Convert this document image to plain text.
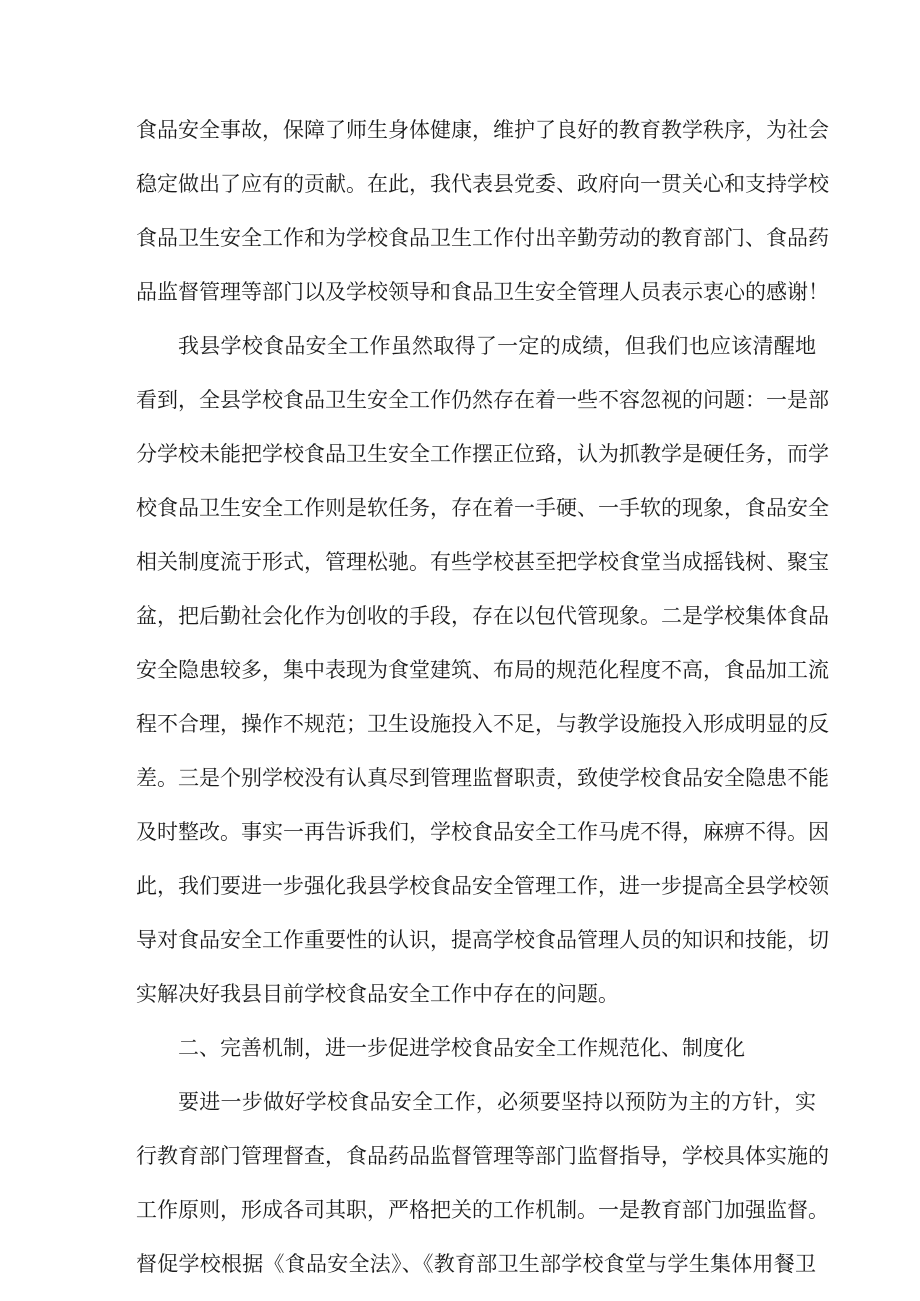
食品安全事故，保障了师生身体健康，维护了良好的教育教学秩序，为社会

稳定做出了应有的贡献。在此，我代表县党委、政府向一贯关心和支持学校

食品卫生安全工作和为学校食品卫生工作付出辛勤劳动的教育部门、食品药

品监督管理等部门以及学校领导和食品卫生安全管理人员表示衷心的感谢！

我县学校食品安全工作虽然取得了一定的成绩，但我们也应该清醒地

看到，全县学校食品卫生安全工作仍然存在着一些不容忽视的问题：一是部

分学校未能把学校食品卫生安全工作摆正位臵，认为抓教学是硬任务，而学

校食品卫生安全工作则是软任务，存在着一手硬、一手软的现象，食品安全

相关制度流于形式，管理松驰。有些学校甚至把学校食堂当成摇钱树、聚宝

盆，把后勤社会化作为创收的手段，存在以包代管现象。二是学校集体食品

安全隐患较多，集中表现为食堂建筑、布局的规范化程度不高，食品加工流

程不合理，操作不规范；卫生设施投入不足，与教学设施投入形成明显的反

差。三是个别学校没有认真尽到管理监督职责，致使学校食品安全隐患不能

及时整改。事实一再告诉我们，学校食品安全工作马虎不得，麻痹不得。因

此，我们要进一步强化我县学校食品安全管理工作，进一步提高全县学校领

导对食品安全工作重要性的认识，提高学校食品管理人员的知识和技能，切

实解决好我县目前学校食品安全工作中存在的问题。

二、完善机制，进一步促进学校食品安全工作规范化、制度化

要进一步做好学校食品安全工作，必须要坚持以预防为主的方针，实

行教育部门管理督查，食品药品监督管理等部门监督指导，学校具体实施的

工作原则，形成各司其职，严格把关的工作机制。一是教育部门加强监督。

督促学校根据《食品安全法》、《教育部卫生部学校食堂与学生集体用餐卫
